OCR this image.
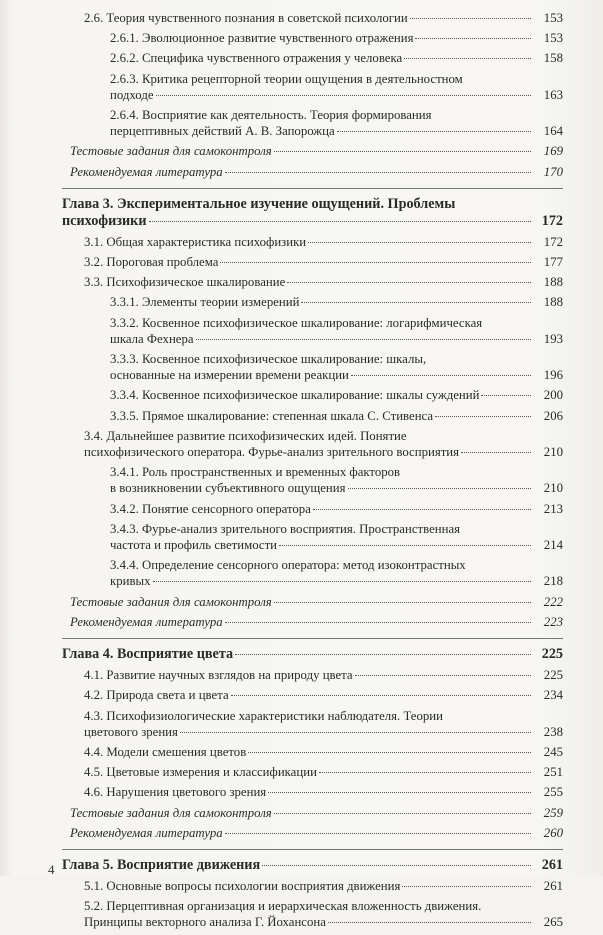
2.6. Теория чувственного познания в советской психологии	153
2.6.1. Эволюционное развитие чувственного отражения	153
2.6.2. Специфика чувственного отражения у человека	158
2.6.3. Критика рецепторной теории ощущения в деятельностном
подходе	163
2.6.4. Восприятие как деятельность. Теория формирования
перцептивных действий А. В. Запорожца	164
Тестовые задания для самоконтроля	169
Рекомендуемая литература	170
Глава 3. Экспериментальное изучение ощущений. Проблемы
психофизики	172
3.1. Общая характеристика психофизики	172
3.2. Пороговая проблема	177
3.3. Психофизическое шкалирование	188
3.3.1. Элементы теории измерений	188
3.3.2. Косвенное психофизическое шкалирование: логарифмическая
шкала Фехнера	193
3.3.3. Косвенное психофизическое шкалирование: шкалы,
основанные на измерении времени реакции	196
3.3.4. Косвенное психофизическое шкалирование: шкалы суждений	200
3.3.5. Прямое шкалирование: степенная шкала С. Стивенса	206
3.4. Дальнейшее развитие психофизических идей. Понятие
психофизического оператора. Фурье-анализ зрительного восприятия	210
3.4.1. Роль пространственных и временных факторов
в возникновении субъективного ощущения	210
3.4.2. Понятие сенсорного оператора	213
3.4.3. Фурье-анализ зрительного восприятия. Пространственная
частота и профиль светимости	214
3.4.4. Определение сенсорного оператора: метод изоконтрастных
кривых	218
Тестовые задания для самоконтроля	222
Рекомендуемая литература	223
Глава 4. Восприятие цвета	225
4.1. Развитие научных взглядов на природу цвета	225
4.2. Природа света и цвета	234
4.3. Психофизиологические характеристики наблюдателя. Теории
цветового зрения	238
4.4. Модели смешения цветов	245
4.5. Цветовые измерения и классификации	251
4.6. Нарушения цветового зрения	255
Тестовые задания для самоконтроля	259
Рекомендуемая литература	260
Глава 5. Восприятие движения	261
5.1. Основные вопросы психологии восприятия движения	261
5.2. Перцептивная организация и иерархическая вложенность движения.
Принципы векторного анализа Г. Йохансона	265
4
